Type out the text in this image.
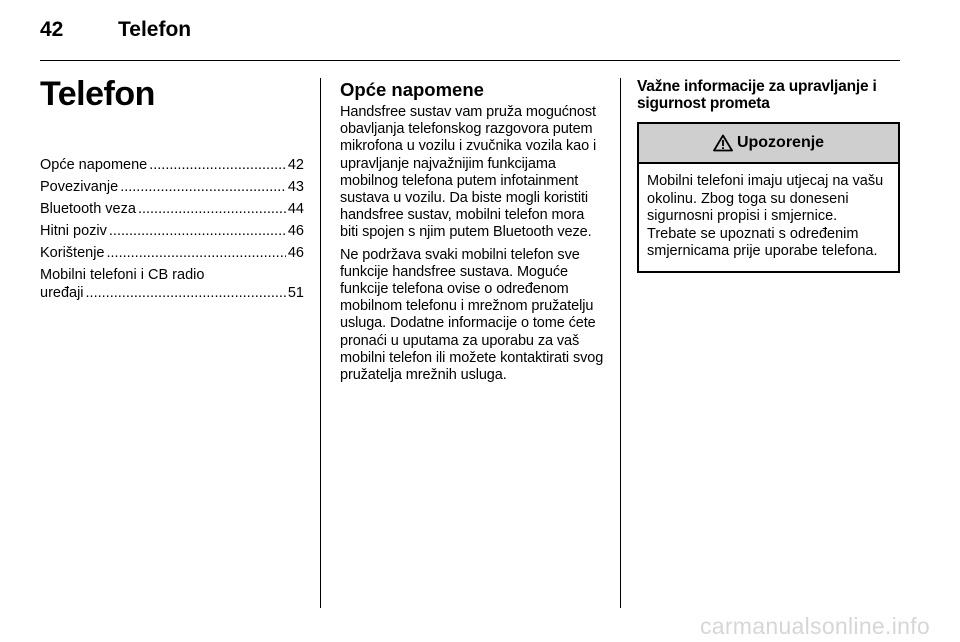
42	Telefon
Telefon
Opće napomene .....	42
Povezivanje .....	43
Bluetooth veza .....	44
Hitni poziv .....	46
Korištenje .....	46
Mobilni telefoni i CB radio
uređaji .....	51
Opće napomene

Handsfree sustav vam pruža mogućnost obavljanja telefonskog razgovora putem mikrofona u vozilu i zvučnika vozila kao i upravljanje najvažnijim funkcijama mobilnog telefona putem infotainment sustava u vozilu. Da biste mogli koristiti handsfree sustav, mobilni telefon mora biti spojen s njim putem Bluetooth veze.

Ne podržava svaki mobilni telefon sve funkcije handsfree sustava. Moguće funkcije telefona ovise o određenom mobilnom telefonu i mrežnom pružatelju usluga. Dodatne informacije o tome ćete pronaći u uputama za uporabu za vaš mobilni telefon ili možete kontaktirati svog pružatelja mrežnih usluga.

Važne informacije za upravljanje i sigurnost prometa
Upozorenje
Mobilni telefoni imaju utjecaj na vašu okolinu. Zbog toga su doneseni sigurnosni propisi i smjernice. Trebate se upoznati s određenim smjernicama prije uporabe telefona.
carmanualsonline.info
